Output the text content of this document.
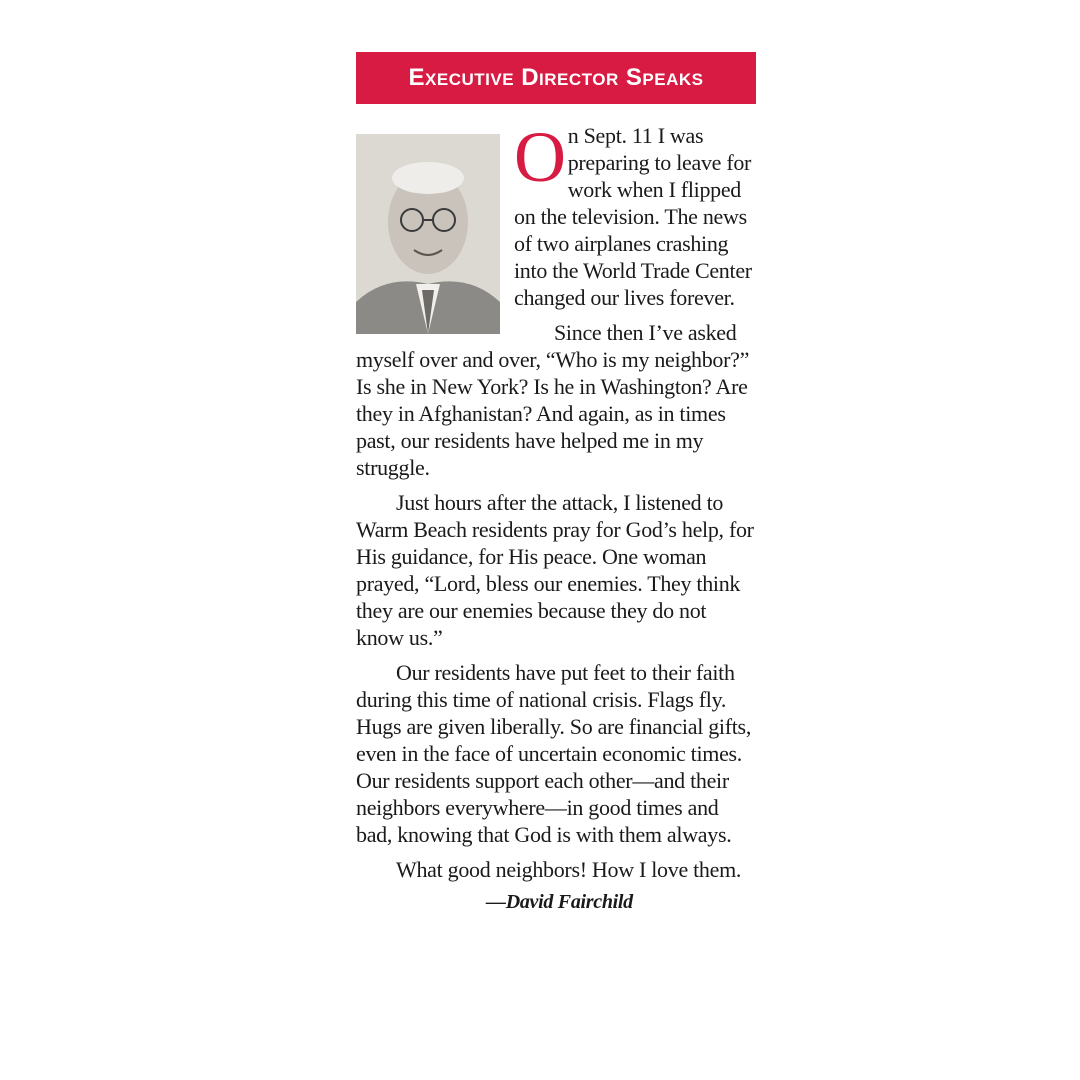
Executive Director Speaks

On Sept. 11 I was preparing to leave for work when I flipped on the television. The news of two airplanes crashing into the World Trade Center changed our lives forever.

Since then I’ve asked myself over and over, “Who is my neighbor?” Is she in New York? Is he in Washington? Are they in Afghanistan? And again, as in times past, our residents have helped me in my struggle.

Just hours after the attack, I listened to Warm Beach residents pray for God’s help, for His guidance, for His peace. One woman prayed, “Lord, bless our enemies. They think they are our enemies because they do not know us.”

Our residents have put feet to their faith during this time of national crisis. Flags fly. Hugs are given liberally. So are financial gifts, even in the face of uncertain economic times. Our residents support each other—and their neighbors everywhere—in good times and bad, knowing that God is with them always.

What good neighbors! How I love them.

—David Fairchild
